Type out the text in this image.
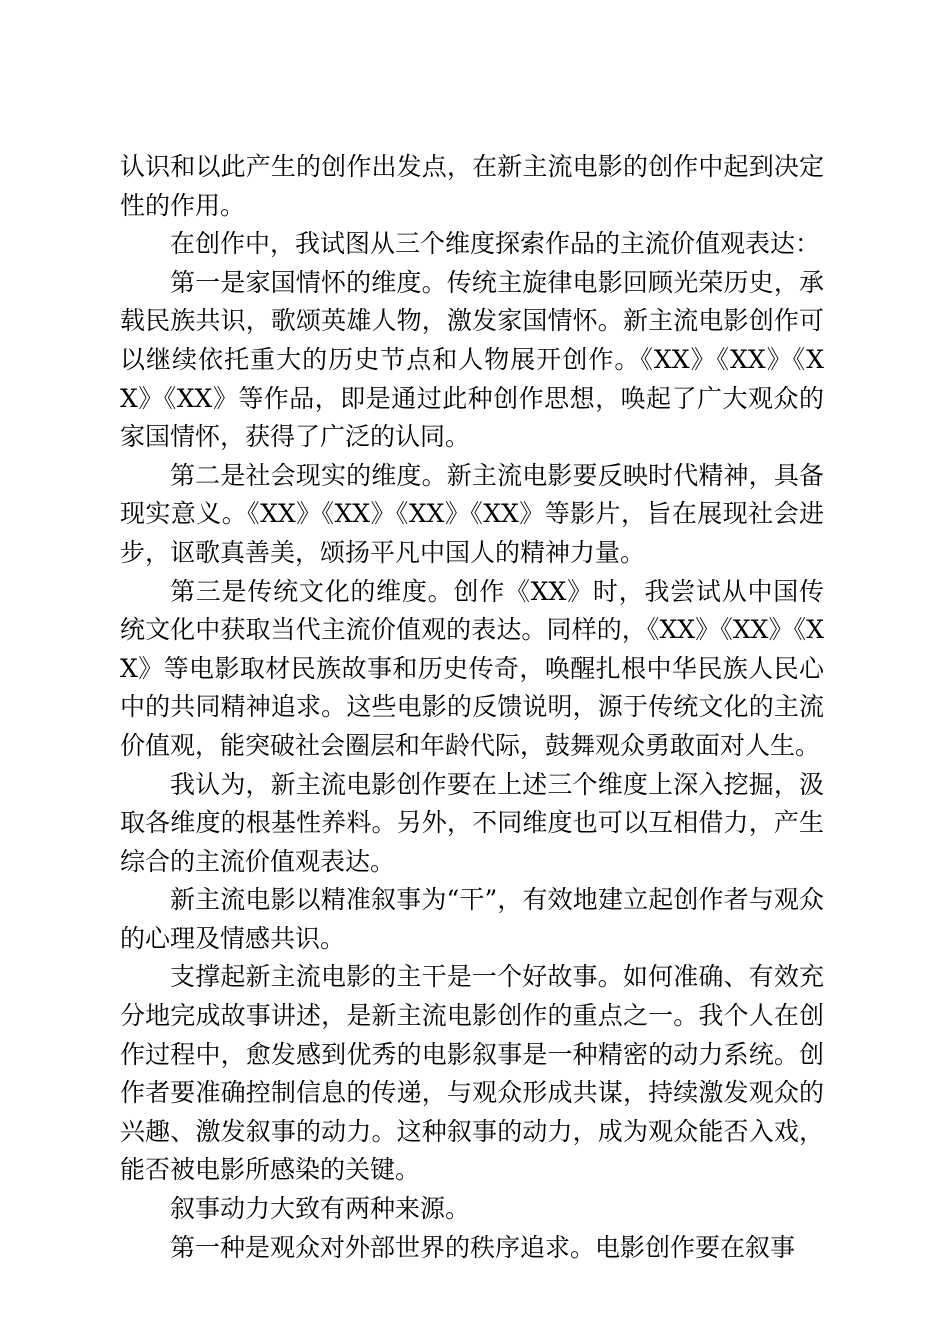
认识和以此产生的创作出发点，在新主流电影的创作中起到决定性的作用。

在创作中，我试图从三个维度探索作品的主流价值观表达：

第一是家国情怀的维度。传统主旋律电影回顾光荣历史，承载民族共识，歌颂英雄人物，激发家国情怀。新主流电影创作可以继续依托重大的历史节点和人物展开创作。《XX》《XX》《XX》《XX》等作品，即是通过此种创作思想，唤起了广大观众的家国情怀，获得了广泛的认同。

第二是社会现实的维度。新主流电影要反映时代精神，具备现实意义。《XX》《XX》《XX》《XX》等影片，旨在展现社会进步，讴歌真善美，颂扬平凡中国人的精神力量。

第三是传统文化的维度。创作《XX》时，我尝试从中国传统文化中获取当代主流价值观的表达。同样的，《XX》《XX》《XX》等电影取材民族故事和历史传奇，唤醒扎根中华民族人民心中的共同精神追求。这些电影的反馈说明，源于传统文化的主流价值观，能突破社会圈层和年龄代际，鼓舞观众勇敢面对人生。

我认为，新主流电影创作要在上述三个维度上深入挖掘，汲取各维度的根基性养料。另外，不同维度也可以互相借力，产生综合的主流价值观表达。

新主流电影以精准叙事为“干”，有效地建立起创作者与观众的心理及情感共识。

支撑起新主流电影的主干是一个好故事。如何准确、有效充分地完成故事讲述，是新主流电影创作的重点之一。我个人在创作过程中，愈发感到优秀的电影叙事是一种精密的动力系统。创作者要准确控制信息的传递，与观众形成共谋，持续激发观众的兴趣、激发叙事的动力。这种叙事的动力，成为观众能否入戏，能否被电影所感染的关键。

叙事动力大致有两种来源。

第一种是观众对外部世界的秩序追求。电影创作要在叙事
